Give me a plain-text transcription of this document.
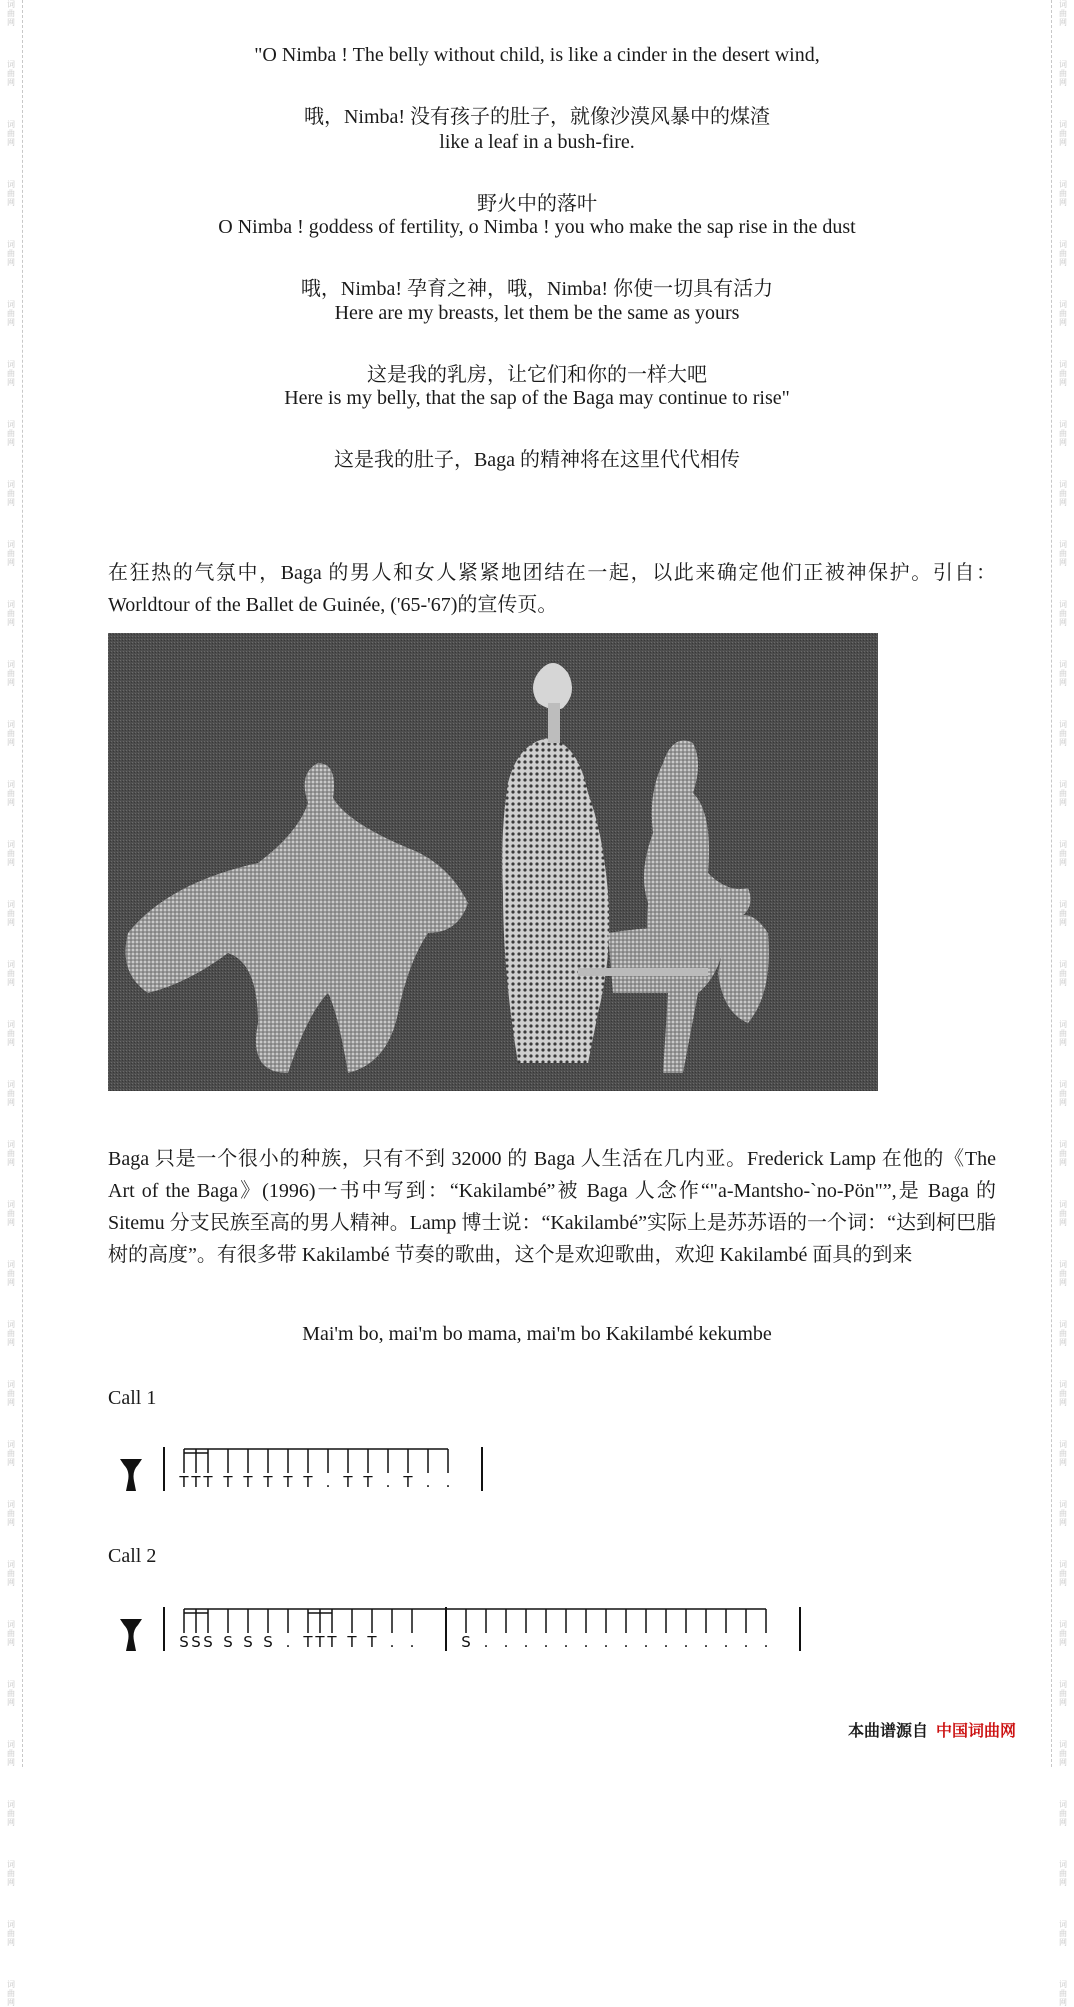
词
曲
网
词
曲
网
词
曲
网
词
曲
网
词
曲
网
词
曲
网
词
曲
网
词
曲
网
词
曲
网
词
曲
网
词
曲
网
词
曲
网
词
曲
网
词
曲
网
词
曲
网
词
曲
网
词
曲
网
词
曲
网
词
曲
网
词
曲
网
词
曲
网
词
曲
网
词
曲
网
词
曲
网
词
曲
网
词
曲
网
词
曲
网
词
曲
网
词
曲
网
词
曲
网
词
曲
网
词
曲
网
词
曲
网
词
曲
网
词
曲
网
词
曲
网
词
曲
网
词
曲
网
词
曲
网
词
曲
网
词
曲
网
词
曲
网
词
曲
网
词
曲
网
词
曲
网
词
曲
网
词
曲
网
词
曲
网
词
曲
网
词
曲
网
词
曲
网
词
曲
网
词
曲
网
词
曲
网
词
曲
网
词
曲
网
词
曲
网
词
曲
网
词
曲
网
词
曲
网
词
曲
网
词
曲
网
词
曲
网
词
曲
网
词
曲
网
词
曲
网
词
曲
网
词
曲
网
"O Nimba ! The belly without child, is like a cinder in the desert wind,
哦，Nimba! 没有孩子的肚子，就像沙漠风暴中的煤渣
like a leaf in a bush-fire.
野火中的落叶
O Nimba ! goddess of fertility, o Nimba ! you who make the sap rise in the dust
哦，Nimba! 孕育之神，哦，Nimba! 你使一切具有活力
Here are my breasts, let them be the same as yours
这是我的乳房，让它们和你的一样大吧
Here is my belly, that the sap of the Baga may continue to rise"
这是我的肚子，Baga 的精神将在这里代代相传
在狂热的气氛中，Baga 的男人和女人紧紧地团结在一起，以此来确定他们正被神保护。引自：Worldtour of the Ballet de Guinée, ('65-'67)的宣传页。
Baga 只是一个很小的种族，只有不到 32000 的 Baga 人生活在几内亚。Frederick Lamp 在他的《The Art of the Baga》(1996)一书中写到：“Kakilambé”被 Baga 人念作“"a-Mantsho-`no-Pön"”,是 Baga 的 Sitemu 分支民族至高的男人精神。Lamp 博士说：“Kakilambé”实际上是苏苏语的一个词：“达到柯巴脂树的高度”。有很多带 Kakilambé 节奏的歌曲，这个是欢迎歌曲，欢迎 Kakilambé 面具的到来
Mai'm bo, mai'm bo mama, mai'm bo Kakilambé kekumbe
Call 1
T T T T T T T T . T T . T . .
Call 2
S S S S S S . T T T T T . .	S . . . . . . . . . . . . . . .
本曲谱源自 中国词曲网
